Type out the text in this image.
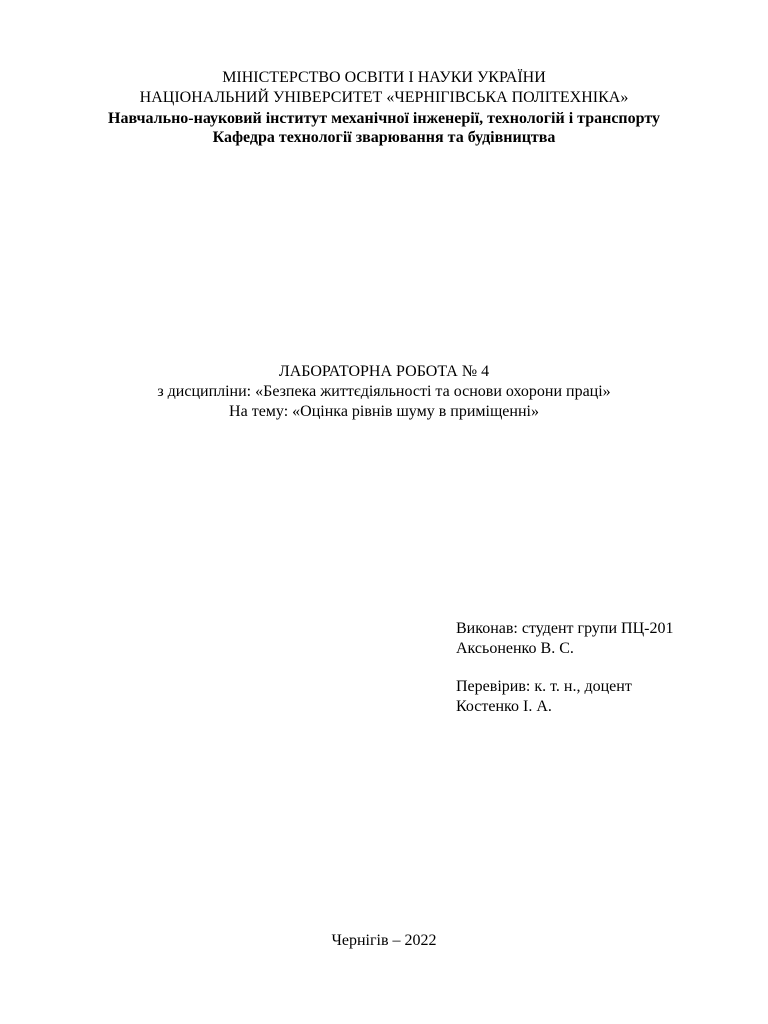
МІНІСТЕРСТВО ОСВІТИ І НАУКИ УКРАЇНИ
НАЦІОНАЛЬНИЙ УНІВЕРСИТЕТ «ЧЕРНІГІВСЬКА ПОЛІТЕХНІКА»
Навчально-науковий інститут механічної інженерії, технологій і транспорту
Кафедра технології зварювання та будівництва
ЛАБОРАТОРНА РОБОТА № 4
з дисципліни: «Безпека життєдіяльності та основи охорони праці»
На тему: «Оцінка рівнів шуму в приміщенні»
Виконав: студент групи ПЦ-201
Аксьоненко В. С.
Перевірив: к. т. н., доцент
Костенко І. А.
Чернігів – 2022
